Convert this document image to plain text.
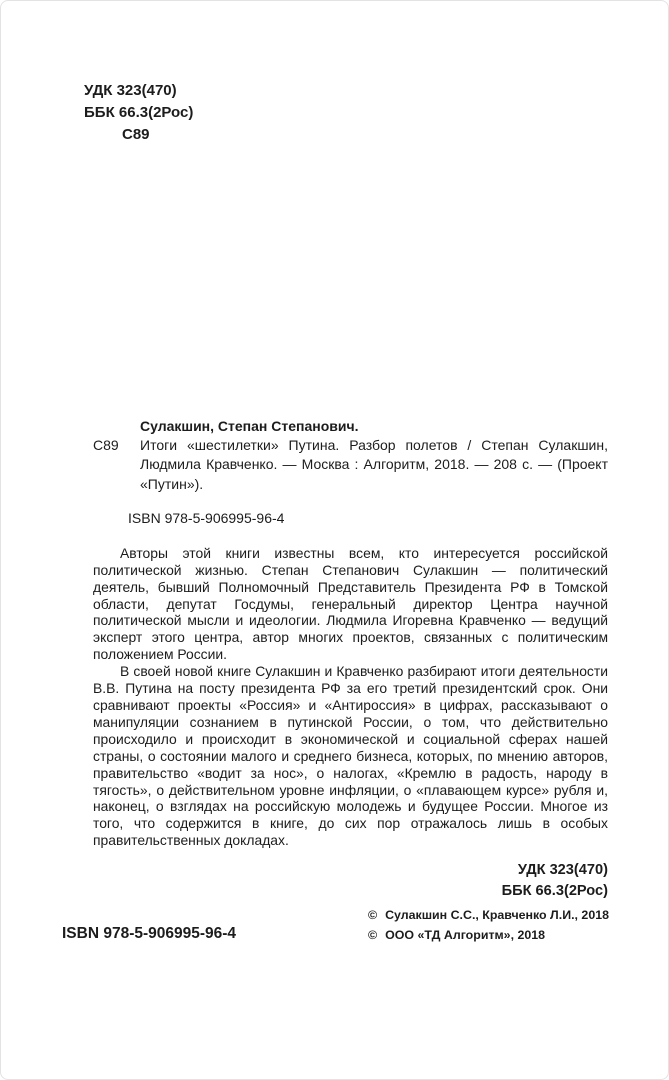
УДК 323(470)
ББК 66.3(2Рос)
С89
С89
Сулакшин, Степан Степанович.
Итоги «шестилетки» Путина. Разбор полетов / Степан Сулакшин, Людмила Кравченко. — Москва : Алгоритм, 2018. — 208 с. — (Проект «Путин»).
ISBN 978-5-906995-96-4

Авторы этой книги известны всем, кто интересуется российской политической жизнью. Степан Степанович Сулакшин — политический деятель, бывший Полномочный Представитель Президента РФ в Томской области, депутат Госдумы, генеральный директор Центра научной политической мысли и идеологии. Людмила Игоревна Кравченко — ведущий эксперт этого центра, автор многих проектов, связанных с политическим положением России.

В своей новой книге Сулакшин и Кравченко разбирают итоги деятельности В.В. Путина на посту президента РФ за его третий президентский срок. Они сравнивают проекты «Россия» и «Антироссия» в цифрах, рассказывают о манипуляции сознанием в путинской России, о том, что действительно происходило и происходит в экономической и социальной сферах нашей страны, о состоянии малого и среднего бизнеса, которых, по мнению авторов, правительство «водит за нос», о налогах, «Кремлю в радость, народу в тягость», о действительном уровне инфляции, о «плавающем курсе» рубля и, наконец, о взглядах на российскую молодежь и будущее России. Многое из того, что содержится в книге, до сих пор отражалось лишь в особых правительственных докладах.

УДК 323(470)
ББК 66.3(2Рос)
ISBN 978-5-906995-96-4
© Сулакшин С.С., Кравченко Л.И., 2018
© ООО «ТД Алгоритм», 2018
